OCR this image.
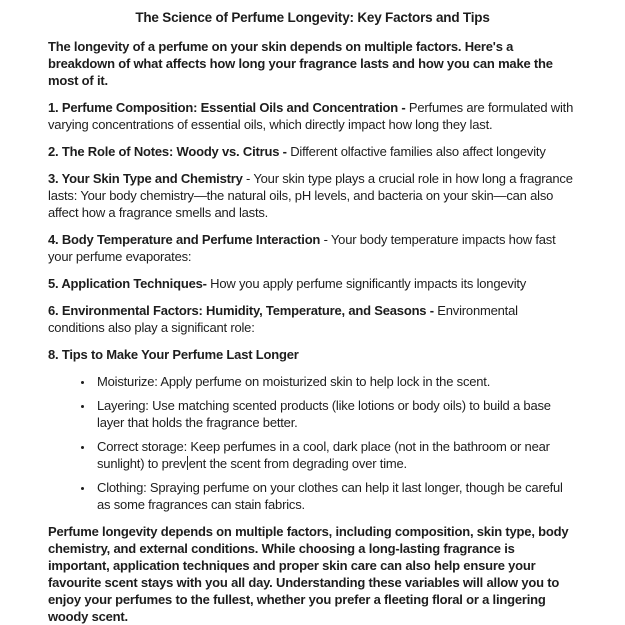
The Science of Perfume Longevity: Key Factors and Tips

The longevity of a perfume on your skin depends on multiple factors. Here's a breakdown of what affects how long your fragrance lasts and how you can make the most of it.

1. Perfume Composition: Essential Oils and Concentration - Perfumes are formulated with varying concentrations of essential oils, which directly impact how long they last.

2. The Role of Notes: Woody vs. Citrus - Different olfactive families also affect longevity

3. Your Skin Type and Chemistry - Your skin type plays a crucial role in how long a fragrance lasts: Your body chemistry—the natural oils, pH levels, and bacteria on your skin—can also affect how a fragrance smells and lasts.

4. Body Temperature and Perfume Interaction - Your body temperature impacts how fast your perfume evaporates:

5. Application Techniques- How you apply perfume significantly impacts its longevity

6. Environmental Factors: Humidity, Temperature, and Seasons - Environmental conditions also play a significant role:

8. Tips to Make Your Perfume Last Longer

• Moisturize: Apply perfume on moisturized skin to help lock in the scent.
• Layering: Use matching scented products (like lotions or body oils) to build a base layer that holds the fragrance better.
• Correct storage: Keep perfumes in a cool, dark place (not in the bathroom or near sunlight) to prev ent the scent from degrading over time.
• Clothing: Spraying perfume on your clothes can help it last longer, though be careful as some fragrances can stain fabrics.

Perfume longevity depends on multiple factors, including composition, skin type, body chemistry, and external conditions. While choosing a long-lasting fragrance is important, application techniques and proper skin care can also help ensure your favourite scent stays with you all day. Understanding these variables will allow you to enjoy your perfumes to the fullest, whether you prefer a fleeting floral or a lingering woody scent.
